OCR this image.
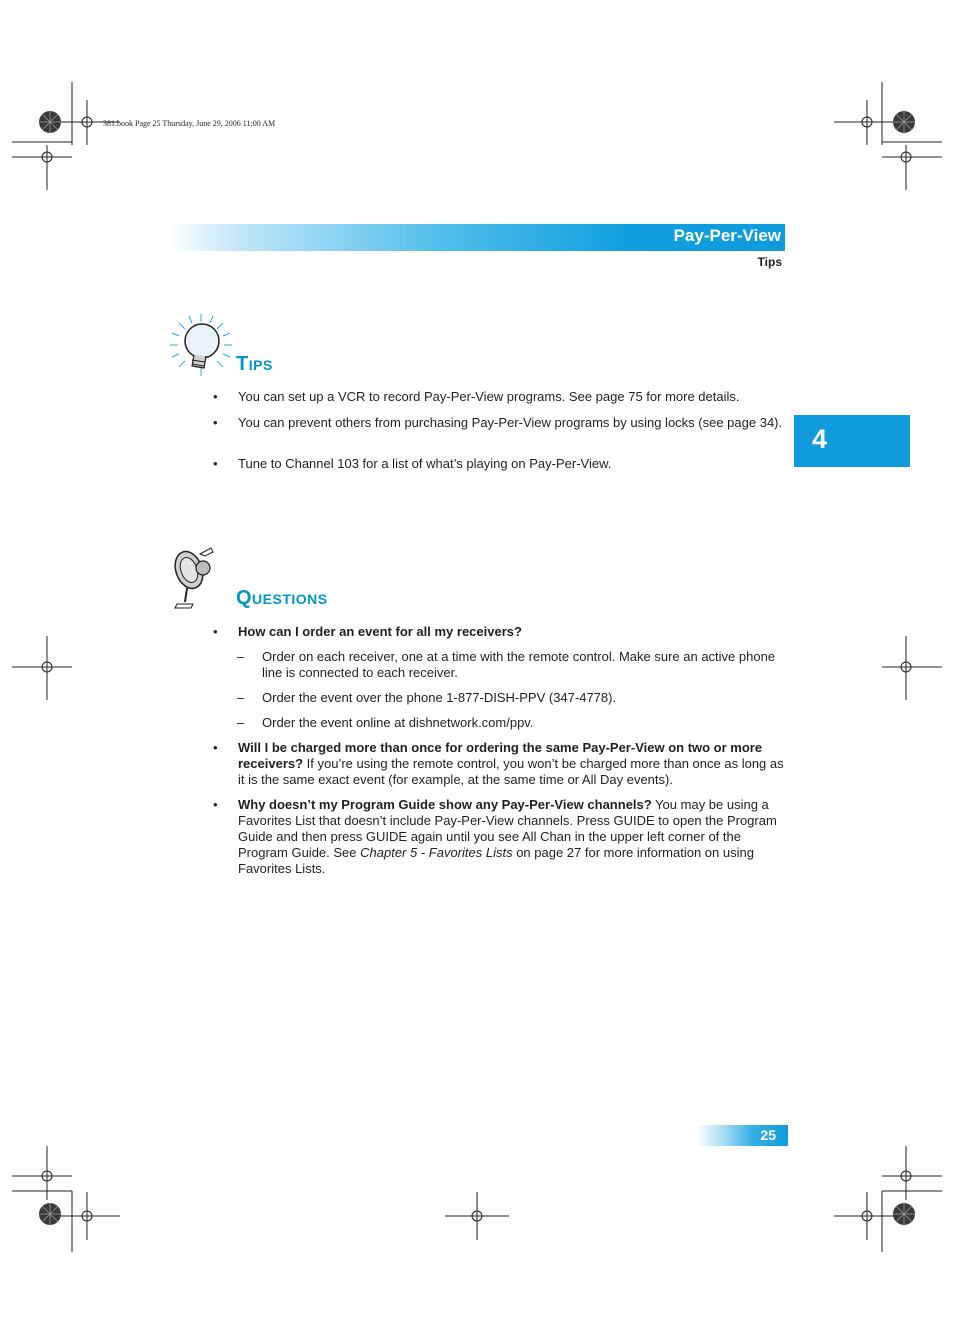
381.book Page 25 Thursday, June 29, 2006 11:00 AM
Pay-Per-View
Tips
4
Tips
• You can set up a VCR to record Pay-Per-View programs. See page 75 for more details.
• You can prevent others from purchasing Pay-Per-View programs by using locks (see page 34).
• Tune to Channel 103 for a list of what’s playing on Pay-Per-View.
Questions
• How can I order an event for all my receivers?
– Order on each receiver, one at a time with the remote control. Make sure an active phone line is connected to each receiver.
– Order the event over the phone 1-877-DISH-PPV (347-4778).
– Order the event online at dishnetwork.com/ppv.
• Will I be charged more than once for ordering the same Pay-Per-View on two or more receivers? If you’re using the remote control, you won’t be charged more than once as long as it is the same exact event (for example, at the same time or All Day events).
• Why doesn’t my Program Guide show any Pay-Per-View channels? You may be using a Favorites List that doesn’t include Pay-Per-View channels. Press GUIDE to open the Program Guide and then press GUIDE again until you see All Chan in the upper left corner of the Program Guide. See Chapter 5 - Favorites Lists on page 27 for more information on using Favorites Lists.
25
